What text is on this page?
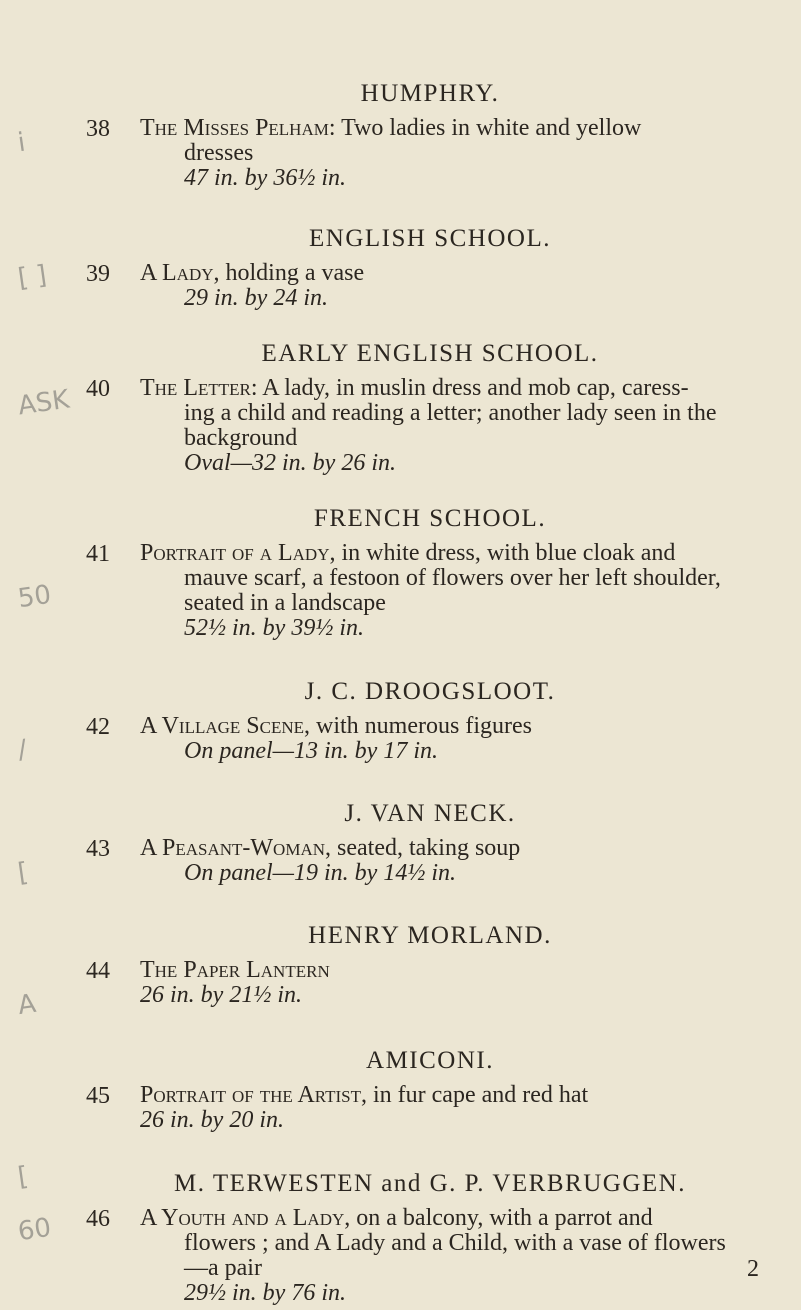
i
[ ]
ASK
50
/
[
A
[
60
HUMPHRY.
38 The Misses Pelham: Two ladies in white and yellow
dresses
47 in. by 36½ in.
ENGLISH SCHOOL.
39 A Lady, holding a vase
29 in. by 24 in.
EARLY ENGLISH SCHOOL.
40 The Letter: A lady, in muslin dress and mob cap, caress-
ing a child and reading a letter; another lady seen in the
background
Oval—32 in. by 26 in.
FRENCH SCHOOL.
41 Portrait of a Lady, in white dress, with blue cloak and
mauve scarf, a festoon of flowers over her left shoulder,
seated in a landscape
52½ in. by 39½ in.
J. C. DROOGSLOOT.
42 A Village Scene, with numerous figures
On panel—13 in. by 17 in.
J. VAN NECK.
43 A Peasant-Woman, seated, taking soup
On panel—19 in. by 14½ in.
HENRY MORLAND.
44 The Paper Lantern
26 in. by 21½ in.
AMICONI.
45 Portrait of the Artist, in fur cape and red hat
26 in. by 20 in.
M. TERWESTEN and G. P. VERBRUGGEN.
46 A Youth and a Lady, on a balcony, with a parrot and
flowers ; and A Lady and a Child, with a vase of flowers
—a pair
29½ in. by 76 in.
2
